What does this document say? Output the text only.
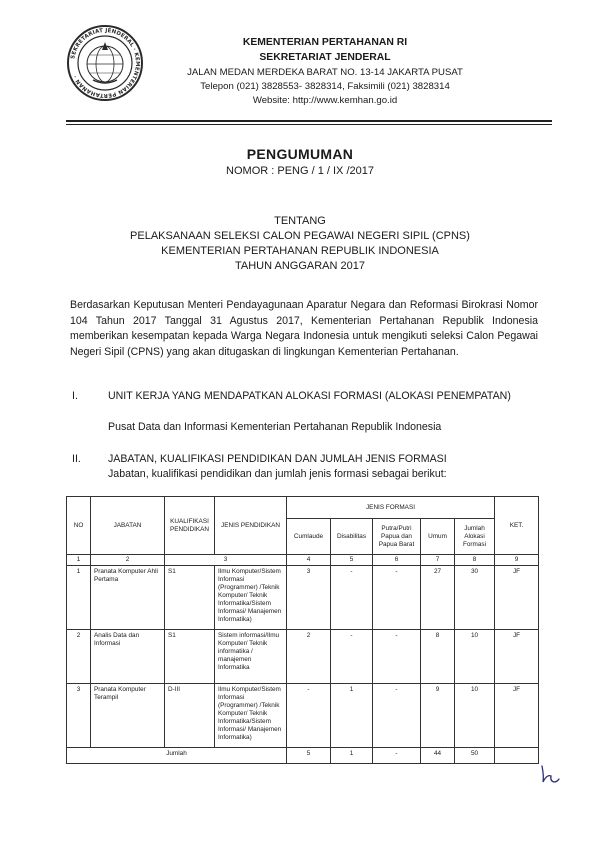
SEKRETARIAT JENDERAL · KEMENTERIAN PERTAHANAN ·
KEMENTERIAN PERTAHANAN RI
SEKRETARIAT JENDERAL
JALAN MEDAN MERDEKA BARAT NO. 13-14 JAKARTA PUSAT
Telepon (021) 3828553- 3828314, Faksimili (021) 3828314
Website: http://www.kemhan.go.id
PENGUMUMAN
NOMOR : PENG / 1 / IX /2017
TENTANG
PELAKSANAAN SELEKSI CALON PEGAWAI NEGERI SIPIL (CPNS)
KEMENTERIAN PERTAHANAN REPUBLIK INDONESIA
TAHUN ANGGARAN 2017
Berdasarkan Keputusan Menteri Pendayagunaan Aparatur Negara dan Reformasi Birokrasi Nomor 104 Tahun 2017 Tanggal 31 Agustus 2017, Kementerian Pertahanan Republik Indonesia memberikan kesempatan kepada Warga Negara Indonesia untuk mengikuti seleksi Calon Pegawai Negeri Sipil (CPNS) yang akan ditugaskan di lingkungan Kementerian Pertahanan.
I.	UNIT KERJA YANG MENDAPATKAN ALOKASI FORMASI (ALOKASI PENEMPATAN)
Pusat Data dan Informasi Kementerian Pertahanan Republik Indonesia
II.	JABATAN, KUALIFIKASI PENDIDIKAN DAN JUMLAH JENIS FORMASI
Jabatan, kualifikasi pendidikan dan jumlah jenis formasi sebagai berikut:
NO	JABATAN	KUALIFIKASI PENDIDIKAN	JENIS PENDIDIKAN	JENIS FORMASI					KET.
				Cumlaude	Disabilitas	Putra/Putri Papua dan Papua Barat	Umum	Jumlah Alokasi Formasi	
1	2	3		4	5	6	7	8	9
1	Pranata Komputer Ahli Pertama	S1	Ilmu Komputer/Sistem Informasi (Programmer) /Teknik Komputer/ Teknik Informatika/Sistem Informasi/ Manajemen Informatika)	3	-	-	27	30	JF
2	Analis Data dan Informasi	S1	Sistem informasi/Ilmu Komputer/ Teknik informatika / manajemen Informatika	2	-	-	8	10	JF
3	Pranata Komputer Terampil	D-III	Ilmu Komputer/Sistem Informasi (Programmer) /Teknik Komputer/ Teknik Informatika/Sistem Informasi/ Manajemen Informatika)	-	1	-	9	10	JF
Jumlah				5	1	-	44	50	
